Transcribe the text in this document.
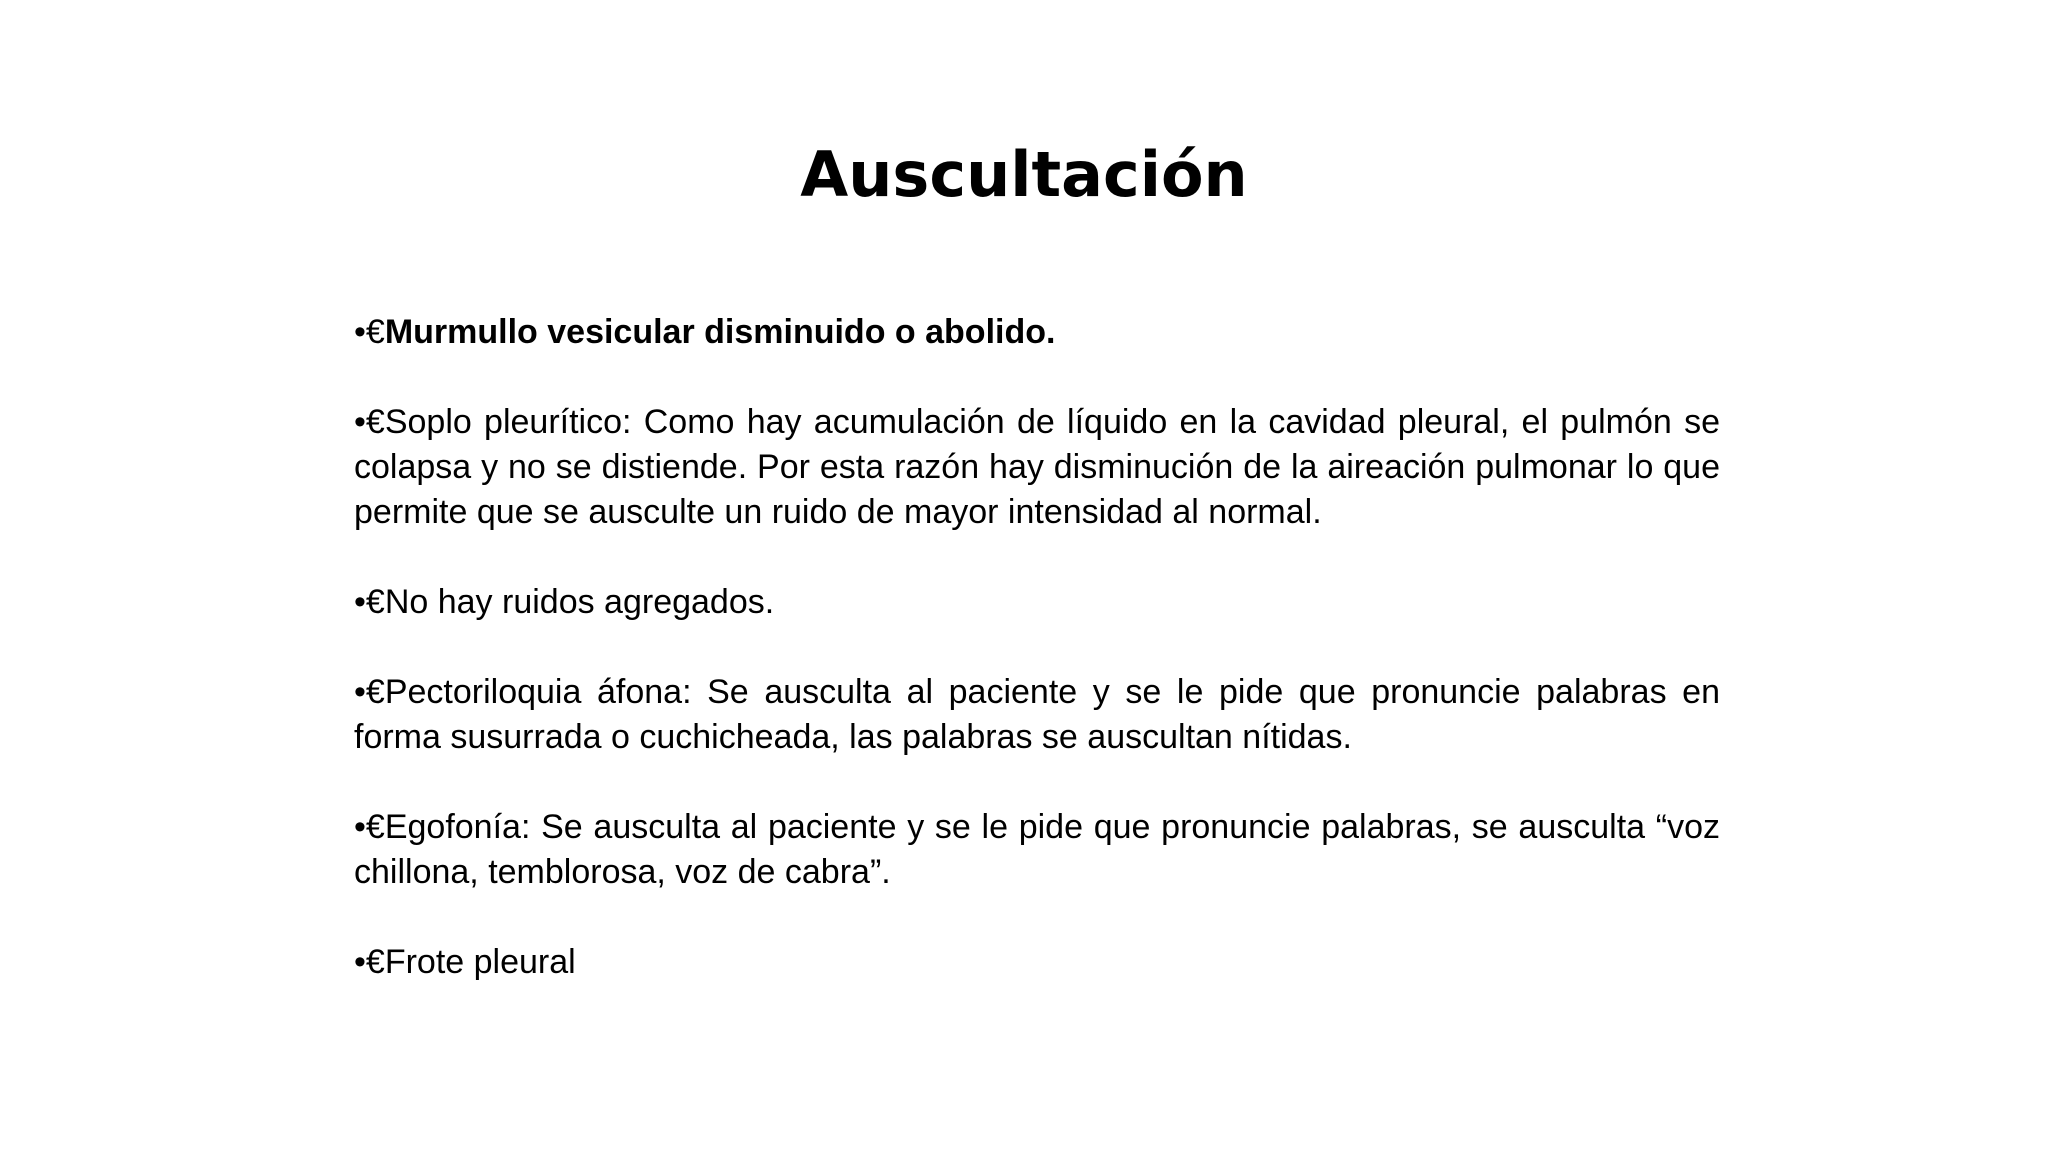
Auscultación

•€Murmullo vesicular disminuido o abolido.

•€Soplo pleurítico: Como hay acumulación de líquido en la cavidad pleural, el pulmón se colapsa y no se distiende. Por esta razón hay disminución de la aireación pulmonar lo que permite que se ausculte un ruido de mayor intensidad al normal.

•€No hay ruidos agregados.

•€Pectoriloquia áfona: Se ausculta al paciente y se le pide que pronuncie palabras en forma susurrada o cuchicheada, las palabras se auscultan nítidas.

•€Egofonía: Se ausculta al paciente y se le pide que pronuncie palabras, se ausculta “voz chillona, temblorosa, voz de cabra”.

•€Frote pleural
